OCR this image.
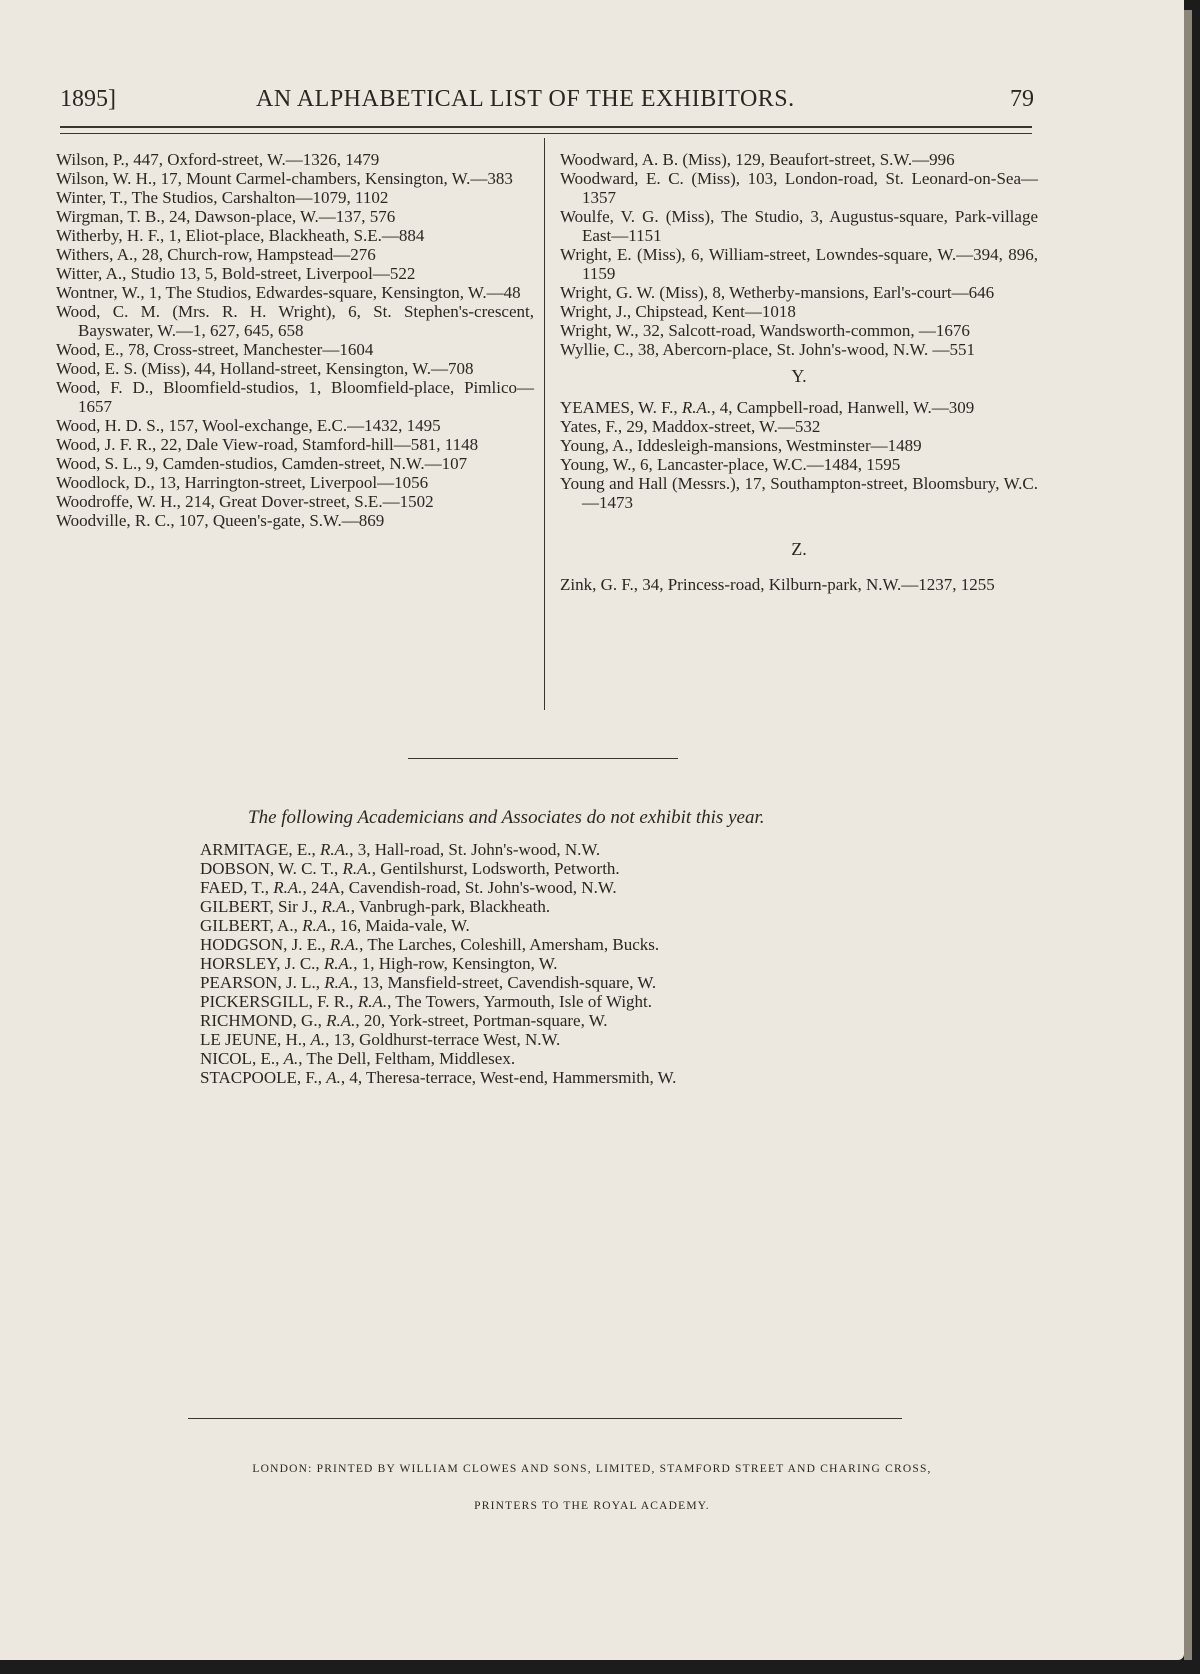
1895]	AN ALPHABETICAL LIST OF THE EXHIBITORS.	79

Wilson, P., 447, Oxford-street, W.—1326, 1479

Wilson, W. H., 17, Mount Carmel-chambers, Kensington, W.—383

Winter, T., The Studios, Carshalton—1079, 1102

Wirgman, T. B., 24, Dawson-place, W.—137, 576

Witherby, H. F., 1, Eliot-place, Blackheath, S.E.—884

Withers, A., 28, Church-row, Hampstead—276

Witter, A., Studio 13, 5, Bold-street, Liverpool—522

Wontner, W., 1, The Studios, Edwardes-square, Kensington, W.—48

Wood, C. M. (Mrs. R. H. Wright), 6, St. Stephen's-crescent, Bayswater, W.—1, 627, 645, 658

Wood, E., 78, Cross-street, Manchester—1604

Wood, E. S. (Miss), 44, Holland-street, Kensington, W.—708

Wood, F. D., Bloomfield-studios, 1, Bloomfield-place, Pimlico—1657

Wood, H. D. S., 157, Wool-exchange, E.C.—1432, 1495

Wood, J. F. R., 22, Dale View-road, Stamford-hill—581, 1148

Wood, S. L., 9, Camden-studios, Camden-street, N.W.—107

Woodlock, D., 13, Harrington-street, Liverpool—1056

Woodroffe, W. H., 214, Great Dover-street, S.E.—1502

Woodville, R. C., 107, Queen's-gate, S.W.—869

Woodward, A. B. (Miss), 129, Beaufort-street, S.W.—996

Woodward, E. C. (Miss), 103, London-road, St. Leonard-on-Sea—1357

Woulfe, V. G. (Miss), The Studio, 3, Augustus-square, Park-village East—1151

Wright, E. (Miss), 6, William-street, Lowndes-square, W.—394, 896, 1159

Wright, G. W. (Miss), 8, Wetherby-mansions, Earl's-court—646

Wright, J., Chipstead, Kent—1018

Wright, W., 32, Salcott-road, Wandsworth-common, —1676

Wyllie, C., 38, Abercorn-place, St. John's-wood, N.W. —551

Y.

YEAMES, W. F., R.A., 4, Campbell-road, Hanwell, W.—309

Yates, F., 29, Maddox-street, W.—532

Young, A., Iddesleigh-mansions, Westminster—1489

Young, W., 6, Lancaster-place, W.C.—1484, 1595

Young and Hall (Messrs.), 17, Southampton-street, Bloomsbury, W.C.—1473

Z.

Zink, G. F., 34, Princess-road, Kilburn-park, N.W.—1237, 1255

The following Academicians and Associates do not exhibit this year.

ARMITAGE, E., R.A., 3, Hall-road, St. John's-wood, N.W.

DOBSON, W. C. T., R.A., Gentilshurst, Lodsworth, Petworth.

FAED, T., R.A., 24A, Cavendish-road, St. John's-wood, N.W.

GILBERT, Sir J., R.A., Vanbrugh-park, Blackheath.

GILBERT, A., R.A., 16, Maida-vale, W.

HODGSON, J. E., R.A., The Larches, Coleshill, Amersham, Bucks.

HORSLEY, J. C., R.A., 1, High-row, Kensington, W.

PEARSON, J. L., R.A., 13, Mansfield-street, Cavendish-square, W.

PICKERSGILL, F. R., R.A., The Towers, Yarmouth, Isle of Wight.

RICHMOND, G., R.A., 20, York-street, Portman-square, W.

LE JEUNE, H., A., 13, Goldhurst-terrace West, N.W.

NICOL, E., A., The Dell, Feltham, Middlesex.

STACPOOLE, F., A., 4, Theresa-terrace, West-end, Hammersmith, W.

LONDON: PRINTED BY WILLIAM CLOWES AND SONS, LIMITED, STAMFORD STREET AND CHARING CROSS,
PRINTERS TO THE ROYAL ACADEMY.
